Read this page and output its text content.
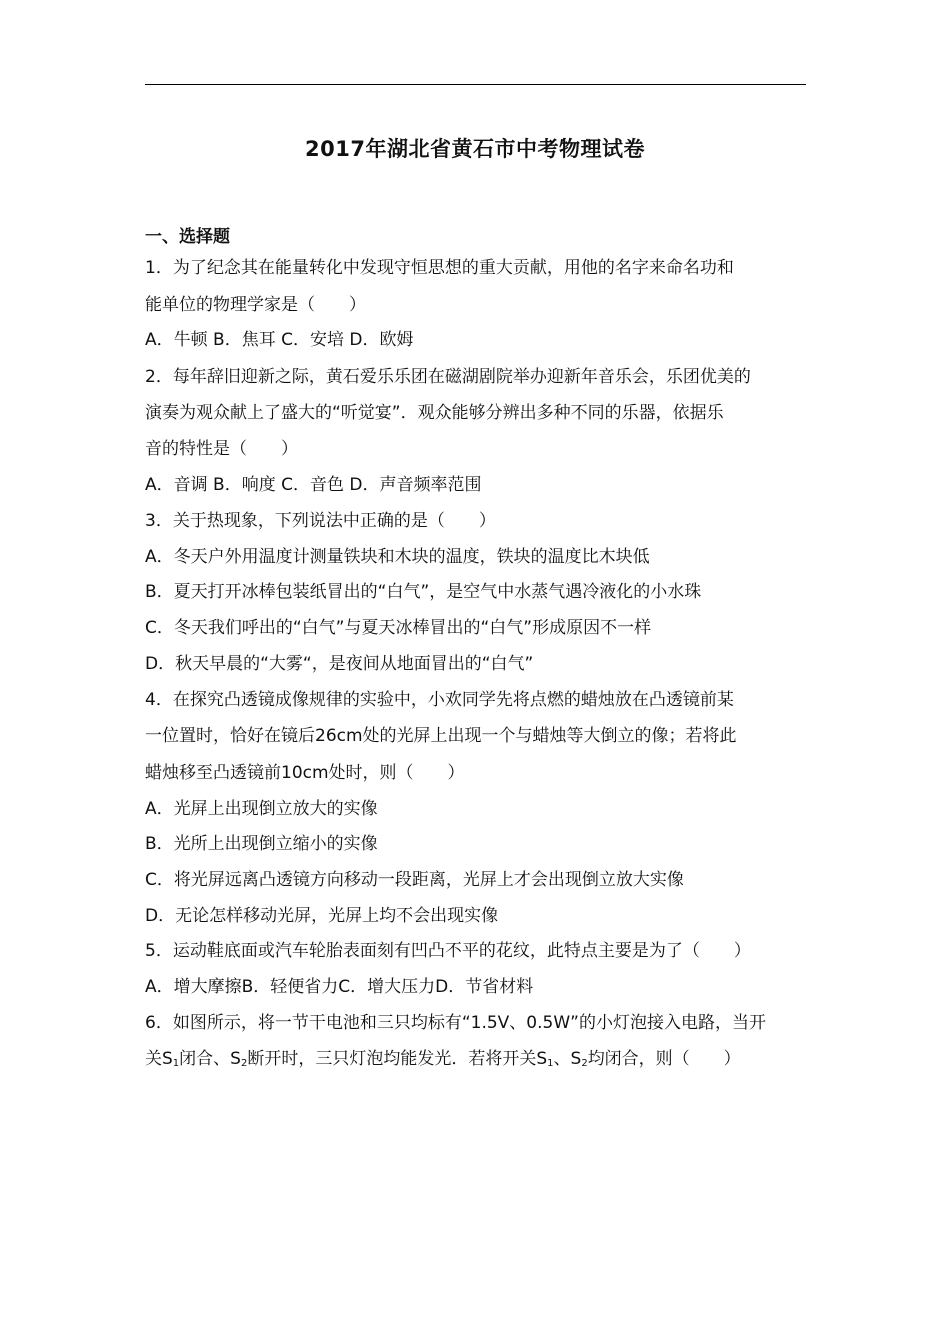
2017年湖北省黄石市中考物理试卷
一、选择题
1．为了纪念其在能量转化中发现守恒思想的重大贡献，用他的名字来命名功和
能单位的物理学家是（　　）
A．牛顿 B．焦耳 C．安培 D．欧姆
2．每年辞旧迎新之际，黄石爱乐乐团在磁湖剧院举办迎新年音乐会，乐团优美的
演奏为观众献上了盛大的“听觉宴”．观众能够分辨出多种不同的乐器，依据乐
音的特性是（　　）
A．音调 B．响度 C．音色 D．声音频率范围
3．关于热现象，下列说法中正确的是（　　）
A．冬天户外用温度计测量铁块和木块的温度，铁块的温度比木块低
B．夏天打开冰棒包装纸冒出的“白气”，是空气中水蒸气遇冷液化的小水珠
C．冬天我们呼出的“白气”与夏天冰棒冒出的“白气”形成原因不一样
D．秋天早晨的“大雾“，是夜间从地面冒出的“白气”
4．在探究凸透镜成像规律的实验中，小欢同学先将点燃的蜡烛放在凸透镜前某
一位置时，恰好在镜后26cm处的光屏上出现一个与蜡烛等大倒立的像；若将此
蜡烛移至凸透镜前10cm处时，则（　　）
A．光屏上出现倒立放大的实像
B．光所上出现倒立缩小的实像
C．将光屏远离凸透镜方向移动一段距离，光屏上才会出现倒立放大实像
D．无论怎样移动光屏，光屏上均不会出现实像
5．运动鞋底面或汽车轮胎表面刻有凹凸不平的花纹，此特点主要是为了（　　）
A．增大摩擦B．轻便省力C．增大压力D．节省材料
6．如图所示，将一节干电池和三只均标有“1.5V、0.5W”的小灯泡接入电路，当开
关$S_1$闭合、$S_2$断开时，三只灯泡均能发光．若将开关$S_1$、$S_2$均闭合，则（　　）
